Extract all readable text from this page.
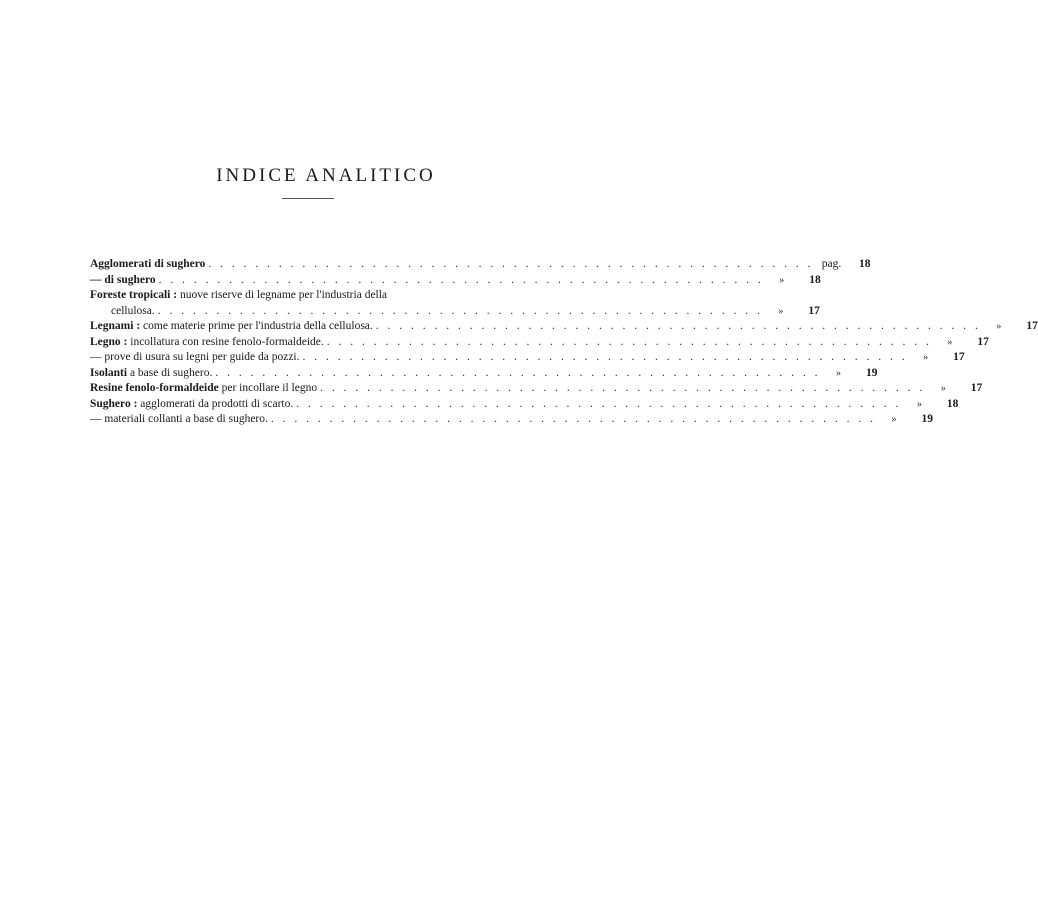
INDICE ANALITICO
Agglomerati di sughero . . .	pag.	18
— di sughero . . .	»	18
Foreste tropicali : nuove riserve di legname per l'industria della
cellulosa. . . .	»	17
Legnami : come materie prime per l'industria della cellulosa. . . .	»	17
Legno : incollatura con resine fenolo-formaldeide. . . .	»	17
— prove di usura su legni per guide da pozzi. . . .	»	17
Isolanti a base di sughero. . . .	»	19
Resine fenolo-formaldeide per incollare il legno . . .	»	17
Sughero : agglomerati da prodotti di scarto. . . .	»	18
— materiali collanti a base di sughero. . . .	»	19
